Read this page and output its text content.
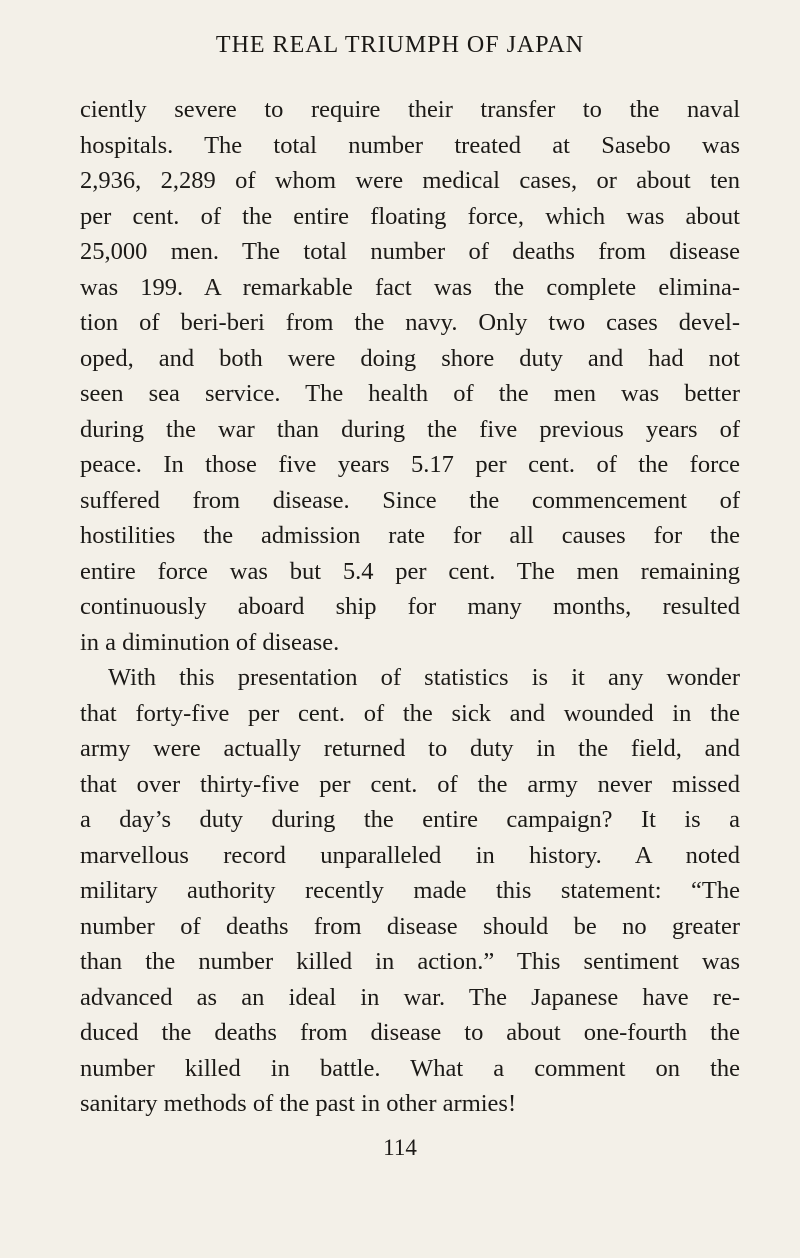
THE REAL TRIUMPH OF JAPAN
ciently severe to require their transfer to the naval
hospitals. The total number treated at Sasebo was
2,936, 2,289 of whom were medical cases, or about ten
per cent. of the entire floating force, which was about
25,000 men. The total number of deaths from disease
was 199. A remarkable fact was the complete elimina-
tion of beri-beri from the navy. Only two cases devel-
oped, and both were doing shore duty and had not
seen sea service. The health of the men was better
during the war than during the five previous years of
peace. In those five years 5.17 per cent. of the force
suffered from disease. Since the commencement of
hostilities the admission rate for all causes for the
entire force was but 5.4 per cent. The men remaining
continuously aboard ship for many months, resulted
in a diminution of disease.
With this presentation of statistics is it any wonder
that forty-five per cent. of the sick and wounded in the
army were actually returned to duty in the field, and
that over thirty-five per cent. of the army never missed
a day’s duty during the entire campaign? It is a
marvellous record unparalleled in history. A noted
military authority recently made this statement: “The
number of deaths from disease should be no greater
than the number killed in action.” This sentiment was
advanced as an ideal in war. The Japanese have re-
duced the deaths from disease to about one-fourth the
number killed in battle. What a comment on the
sanitary methods of the past in other armies!
114
